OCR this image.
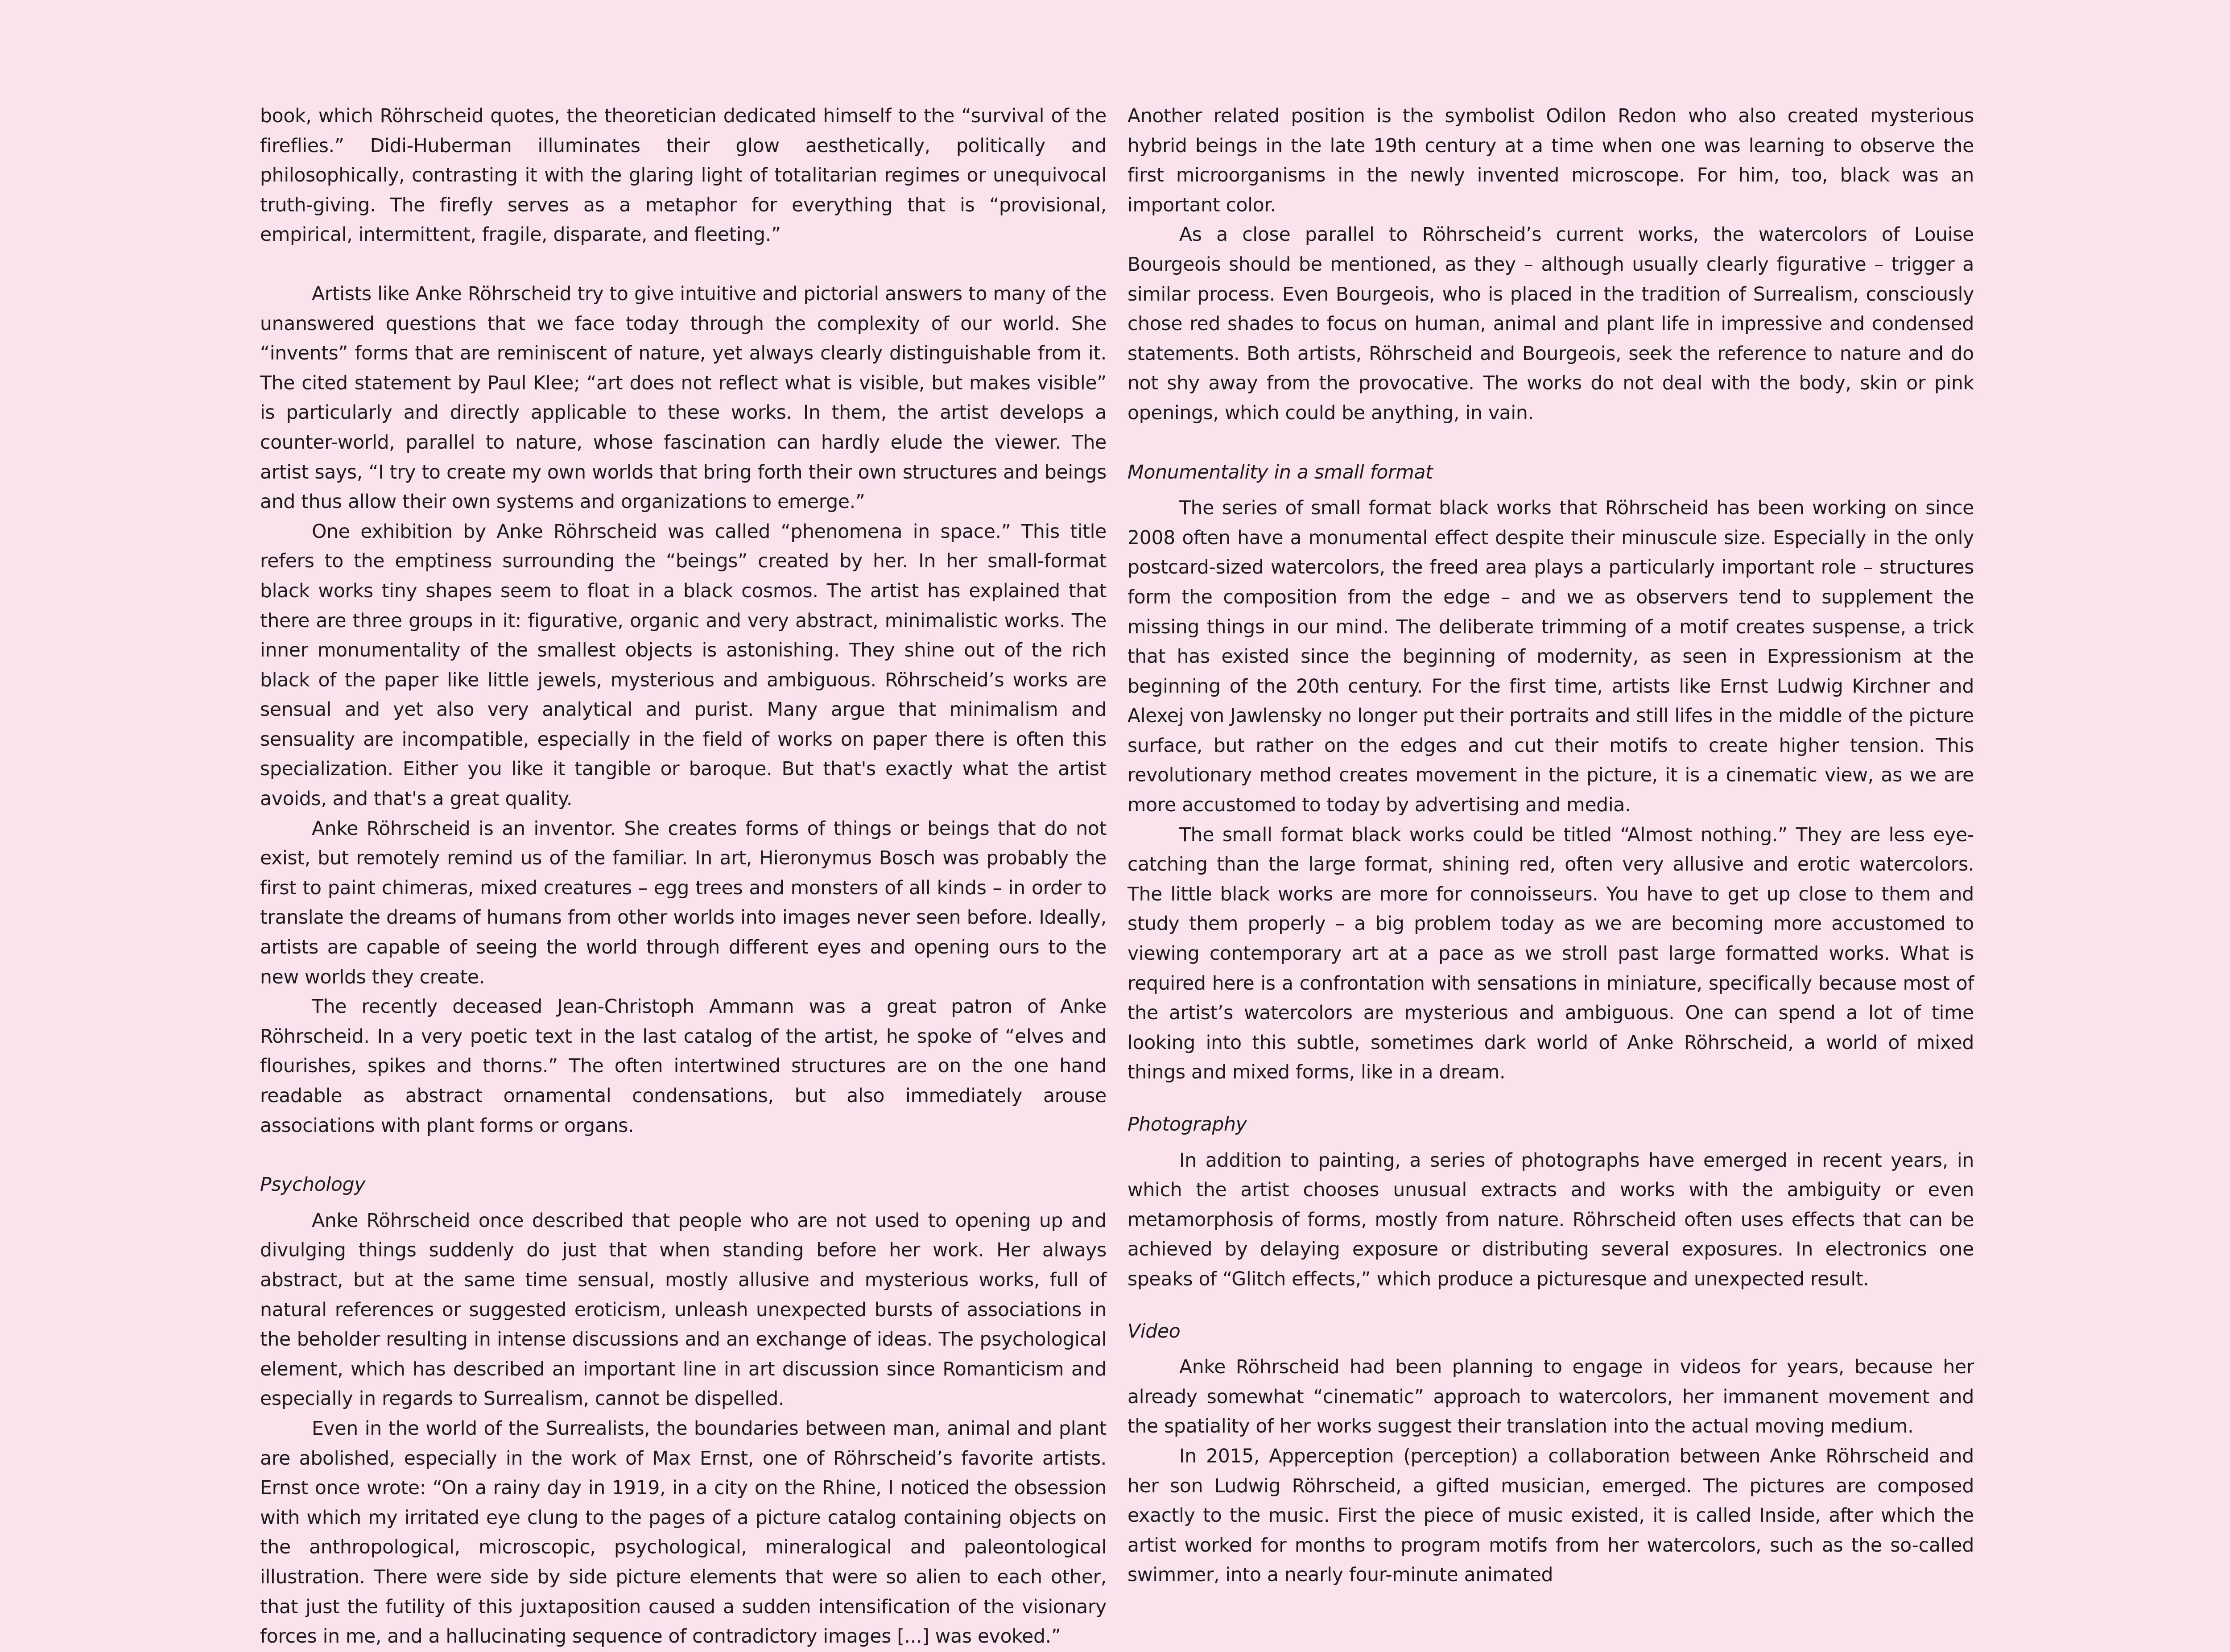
book, which Röhrscheid quotes, the theoretician dedicated himself to the “survival of the fireflies.” Didi-Huberman illuminates their glow aesthetically, politically and philosophically, contrasting it with the glaring light of totalitarian regimes or unequivocal truth-giving. The firefly serves as a metaphor for everything that is “provisional, empirical, intermittent, fragile, disparate, and fleeting.”

Artists like Anke Röhrscheid try to give intuitive and pictorial answers to many of the unanswered questions that we face today through the complexity of our world. She “invents” forms that are reminiscent of nature, yet always clearly distinguishable from it. The cited statement by Paul Klee; “art does not reflect what is visible, but makes visible” is particularly and directly applicable to these works. In them, the artist develops a counter-world, parallel to nature, whose fascination can hardly elude the viewer. The artist says, “I try to create my own worlds that bring forth their own structures and beings and thus allow their own systems and organizations to emerge.”

One exhibition by Anke Röhrscheid was called “phenomena in space.” This title refers to the emptiness surrounding the “beings” created by her. In her small-format black works tiny shapes seem to float in a black cosmos. The artist has explained that there are three groups in it: figurative, organic and very abstract, minimalistic works. The inner monumentality of the smallest objects is astonishing. They shine out of the rich black of the paper like little jewels, mysterious and ambiguous. Röhrscheid’s works are sensual and yet also very analytical and purist. Many argue that minimalism and sensuality are incompatible, especially in the field of works on paper there is often this specialization. Either you like it tangible or baroque. But that's exactly what the artist avoids, and that's a great quality.

Anke Röhrscheid is an inventor. She creates forms of things or beings that do not exist, but remotely remind us of the familiar. In art, Hieronymus Bosch was probably the first to paint chimeras, mixed creatures – egg trees and monsters of all kinds – in order to translate the dreams of humans from other worlds into images never seen before. Ideally, artists are capable of seeing the world through different eyes and opening ours to the new worlds they create.

The recently deceased Jean-Christoph Ammann was a great patron of Anke Röhrscheid. In a very poetic text in the last catalog of the artist, he spoke of “elves and flourishes, spikes and thorns.” The often intertwined structures are on the one hand readable as abstract ornamental condensations, but also immediately arouse associations with plant forms or organs.

Psychology

Anke Röhrscheid once described that people who are not used to opening up and divulging things suddenly do just that when standing before her work. Her always abstract, but at the same time sensual, mostly allusive and mysterious works, full of natural references or suggested eroticism, unleash unexpected bursts of associations in the beholder resulting in intense discussions and an exchange of ideas. The psychological element, which has described an important line in art discussion since Romanticism and especially in regards to Surrealism, cannot be dispelled.

Even in the world of the Surrealists, the boundaries between man, animal and plant are abolished, especially in the work of Max Ernst, one of Röhrscheid’s favorite artists. Ernst once wrote: “On a rainy day in 1919, in a city on the Rhine, I noticed the obsession with which my irritated eye clung to the pages of a picture catalog containing objects on the anthropological, microscopic, psychological, mineralogical and paleontological illustration. There were side by side picture elements that were so alien to each other, that just the futility of this juxtaposition caused a sudden intensification of the visionary forces in me, and a hallucinating sequence of contradictory images [...] was evoked.”

Another related position is the symbolist Odilon Redon who also created mysterious hybrid beings in the late 19th century at a time when one was learning to observe the first microorganisms in the newly invented microscope. For him, too, black was an important color.

As a close parallel to Röhrscheid’s current works, the watercolors of Louise Bourgeois should be mentioned, as they – although usually clearly figurative – trigger a similar process. Even Bourgeois, who is placed in the tradition of Surrealism, consciously chose red shades to focus on human, animal and plant life in impressive and condensed statements. Both artists, Röhrscheid and Bourgeois, seek the reference to nature and do not shy away from the provocative. The works do not deal with the body, skin or pink openings, which could be anything, in vain.

Monumentality in a small format

The series of small format black works that Röhrscheid has been working on since 2008 often have a monumental effect despite their minuscule size. Especially in the only postcard-sized watercolors, the freed area plays a particularly important role – structures form the composition from the edge – and we as observers tend to supplement the missing things in our mind. The deliberate trimming of a motif creates suspense, a trick that has existed since the beginning of modernity, as seen in Expressionism at the beginning of the 20th century. For the first time, artists like Ernst Ludwig Kirchner and Alexej von Jawlensky no longer put their portraits and still lifes in the middle of the picture surface, but rather on the edges and cut their motifs to create higher tension. This revolutionary method creates movement in the picture, it is a cinematic view, as we are more accustomed to today by advertising and media.

The small format black works could be titled “Almost nothing.” They are less eye-catching than the large format, shining red, often very allusive and erotic watercolors. The little black works are more for connoisseurs. You have to get up close to them and study them properly – a big problem today as we are becoming more accustomed to viewing contemporary art at a pace as we stroll past large formatted works. What is required here is a confrontation with sensations in miniature, specifically because most of the artist’s watercolors are mysterious and ambiguous. One can spend a lot of time looking into this subtle, sometimes dark world of Anke Röhrscheid, a world of mixed things and mixed forms, like in a dream.

Photography

In addition to painting, a series of photographs have emerged in recent years, in which the artist chooses unusual extracts and works with the ambiguity or even metamorphosis of forms, mostly from nature. Röhrscheid often uses effects that can be achieved by delaying exposure or distributing several exposures. In electronics one speaks of “Glitch effects,” which produce a picturesque and unexpected result.

Video

Anke Röhrscheid had been planning to engage in videos for years, because her already somewhat “cinematic” approach to watercolors, her immanent movement and the spatiality of her works suggest their translation into the actual moving medium.

In 2015, Apperception (perception) a collaboration between Anke Röhrscheid and her son Ludwig Röhrscheid, a gifted musician, emerged. The pictures are composed exactly to the music. First the piece of music existed, it is called Inside, after which the artist worked for months to program motifs from her watercolors, such as the so-called swimmer, into a nearly four-minute animated
